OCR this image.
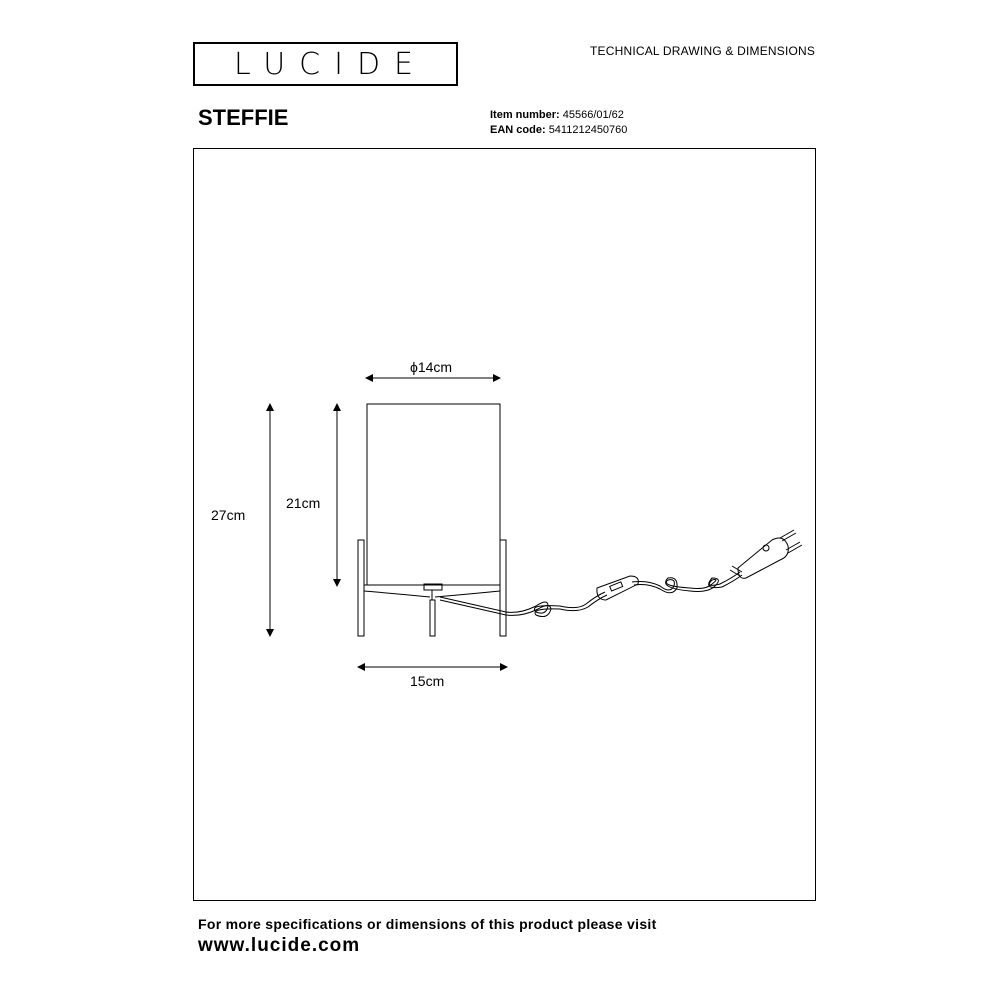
LUCIDE	TECHNICAL DRAWING & DIMENSIONS
STEFFIE	Item number: 45566/01/62
EAN code: 5411212450760
ϕ14cm
27cm
21cm
15cm
For more specifications or dimensions of this product please visit
www.lucide.com
